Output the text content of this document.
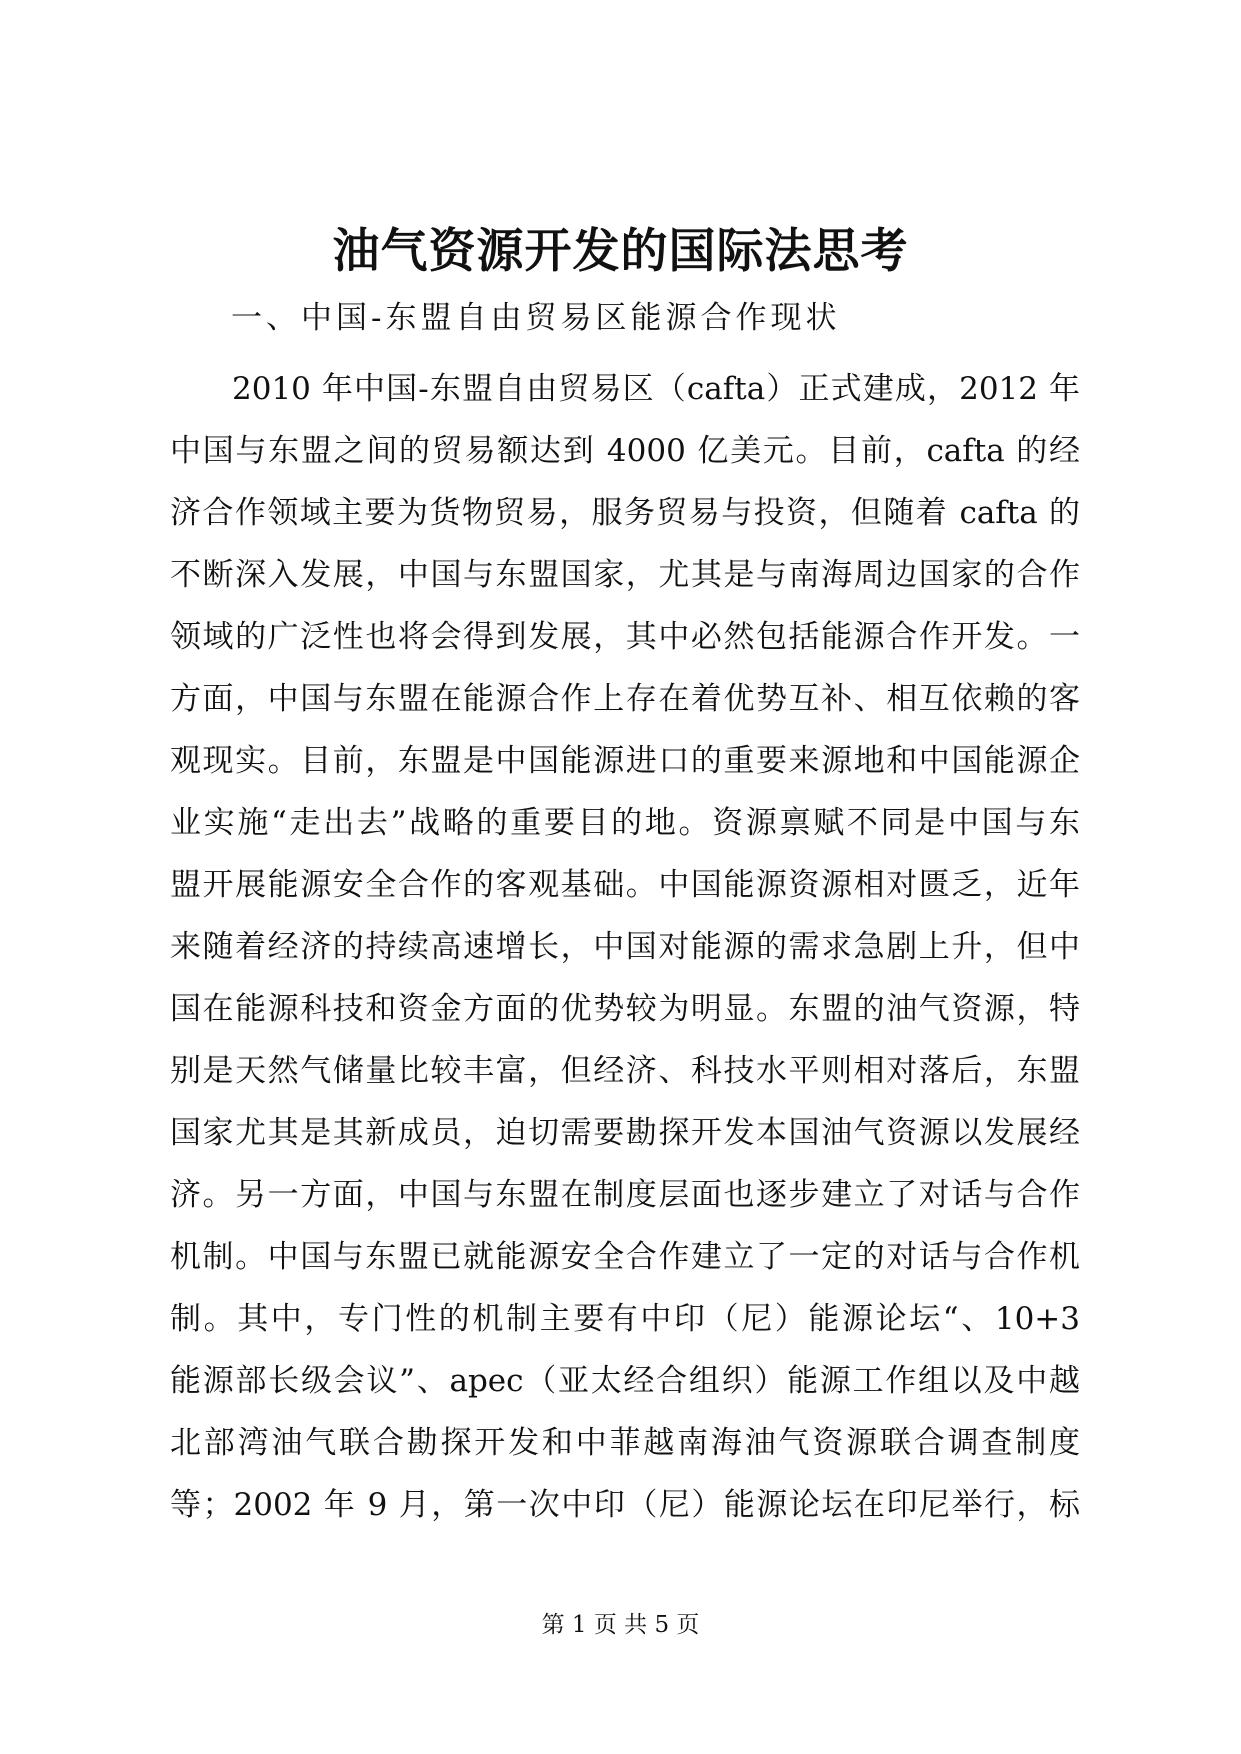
油气资源开发的国际法思考
一、中国-东盟自由贸易区能源合作现状
2010 年中国-东盟自由贸易区（cafta）正式建成，2012 年
中国与东盟之间的贸易额达到 4000 亿美元。目前，cafta 的经
济合作领域主要为货物贸易，服务贸易与投资，但随着 cafta 的
不断深入发展，中国与东盟国家，尤其是与南海周边国家的合作
领域的广泛性也将会得到发展，其中必然包括能源合作开发。一
方面，中国与东盟在能源合作上存在着优势互补、相互依赖的客
观现实。目前，东盟是中国能源进口的重要来源地和中国能源企
业实施“走出去”战略的重要目的地。资源禀赋不同是中国与东
盟开展能源安全合作的客观基础。中国能源资源相对匮乏，近年
来随着经济的持续高速增长，中国对能源的需求急剧上升，但中
国在能源科技和资金方面的优势较为明显。东盟的油气资源，特
别是天然气储量比较丰富，但经济、科技水平则相对落后，东盟
国家尤其是其新成员，迫切需要勘探开发本国油气资源以发展经
济。另一方面，中国与东盟在制度层面也逐步建立了对话与合作
机制。中国与东盟已就能源安全合作建立了一定的对话与合作机
制。其中，专门性的机制主要有中印（尼）能源论坛“、10+3
能源部长级会议”、apec（亚太经合组织）能源工作组以及中越
北部湾油气联合勘探开发和中菲越南海油气资源联合调查制度
等；2002 年 9 月，第一次中印（尼）能源论坛在印尼举行，标
第 1 页 共 5 页
